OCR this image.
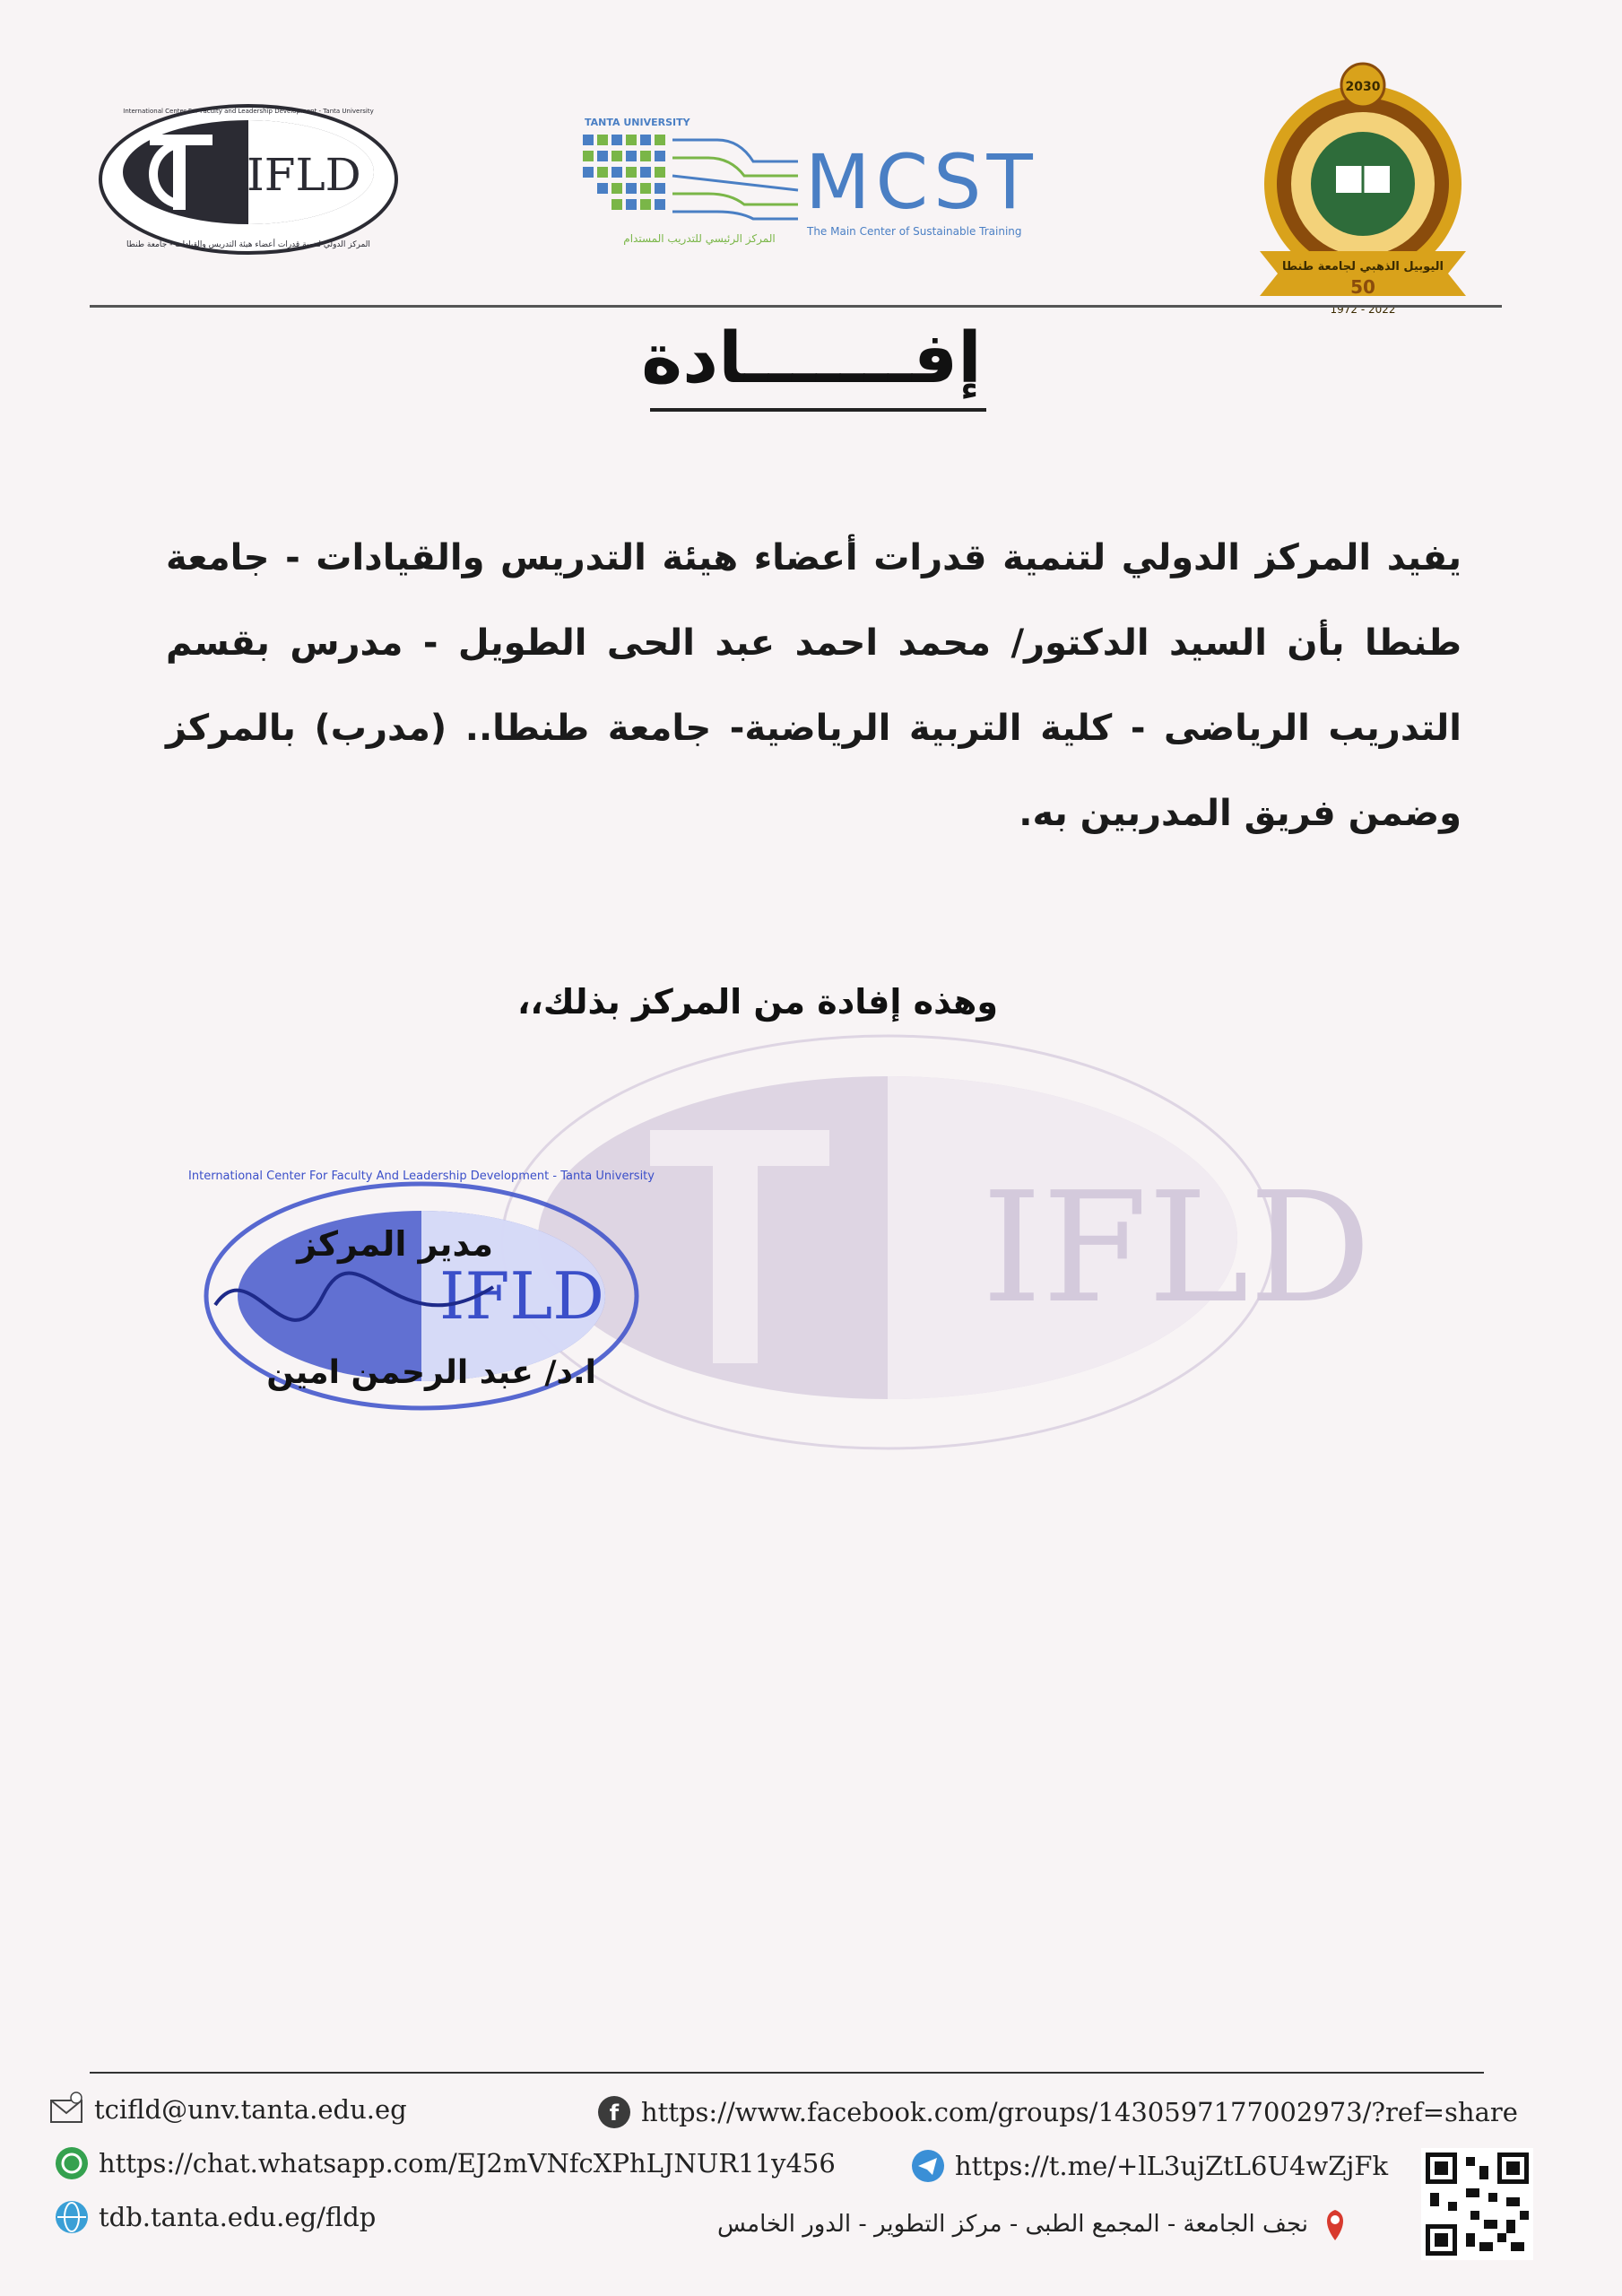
IFLD
المركز الدولي لتنمية قدرات أعضاء هيئة التدريس والقيادات - جامعة طنطا
International Center For Faculty and Leadership Development - Tanta University
TANTA UNIVERSITY
MCST
The Main Center of Sustainable Training
المركز الرئيسي للتدريب المستدام
2030
اليوبيل الذهبي لجامعة طنطا
50
1972 - 2022
إفـــــــادة
IFLD
يفيد المركز الدولي لتنمية قدرات أعضاء هيئة التدريس والقيادات - جامعة طنطا بأن السيد الدكتور/ محمد احمد عبد الحى الطويل - مدرس بقسم التدريب الرياضى - كلية التربية الرياضية- جامعة طنطا.. (مدرب) بالمركز وضمن فريق المدربين به.
وهذه إفادة من المركز بذلك،،
IFLD
International Center For Faculty And Leadership Development - Tanta University
مدير المركز
ا.د/ عبد الرحمن امين
tcifld@unv.tanta.edu.eg	f https://www.facebook.com/groups/1430597177002973/?ref=share
https://chat.whatsapp.com/EJ2mVNfcXPhLJNUR11y456	https://t.me/+lL3ujZtL6U4wZjFk
tdb.tanta.edu.eg/fldp	نجف الجامعة - المجمع الطبى - مركز التطوير - الدور الخامس
